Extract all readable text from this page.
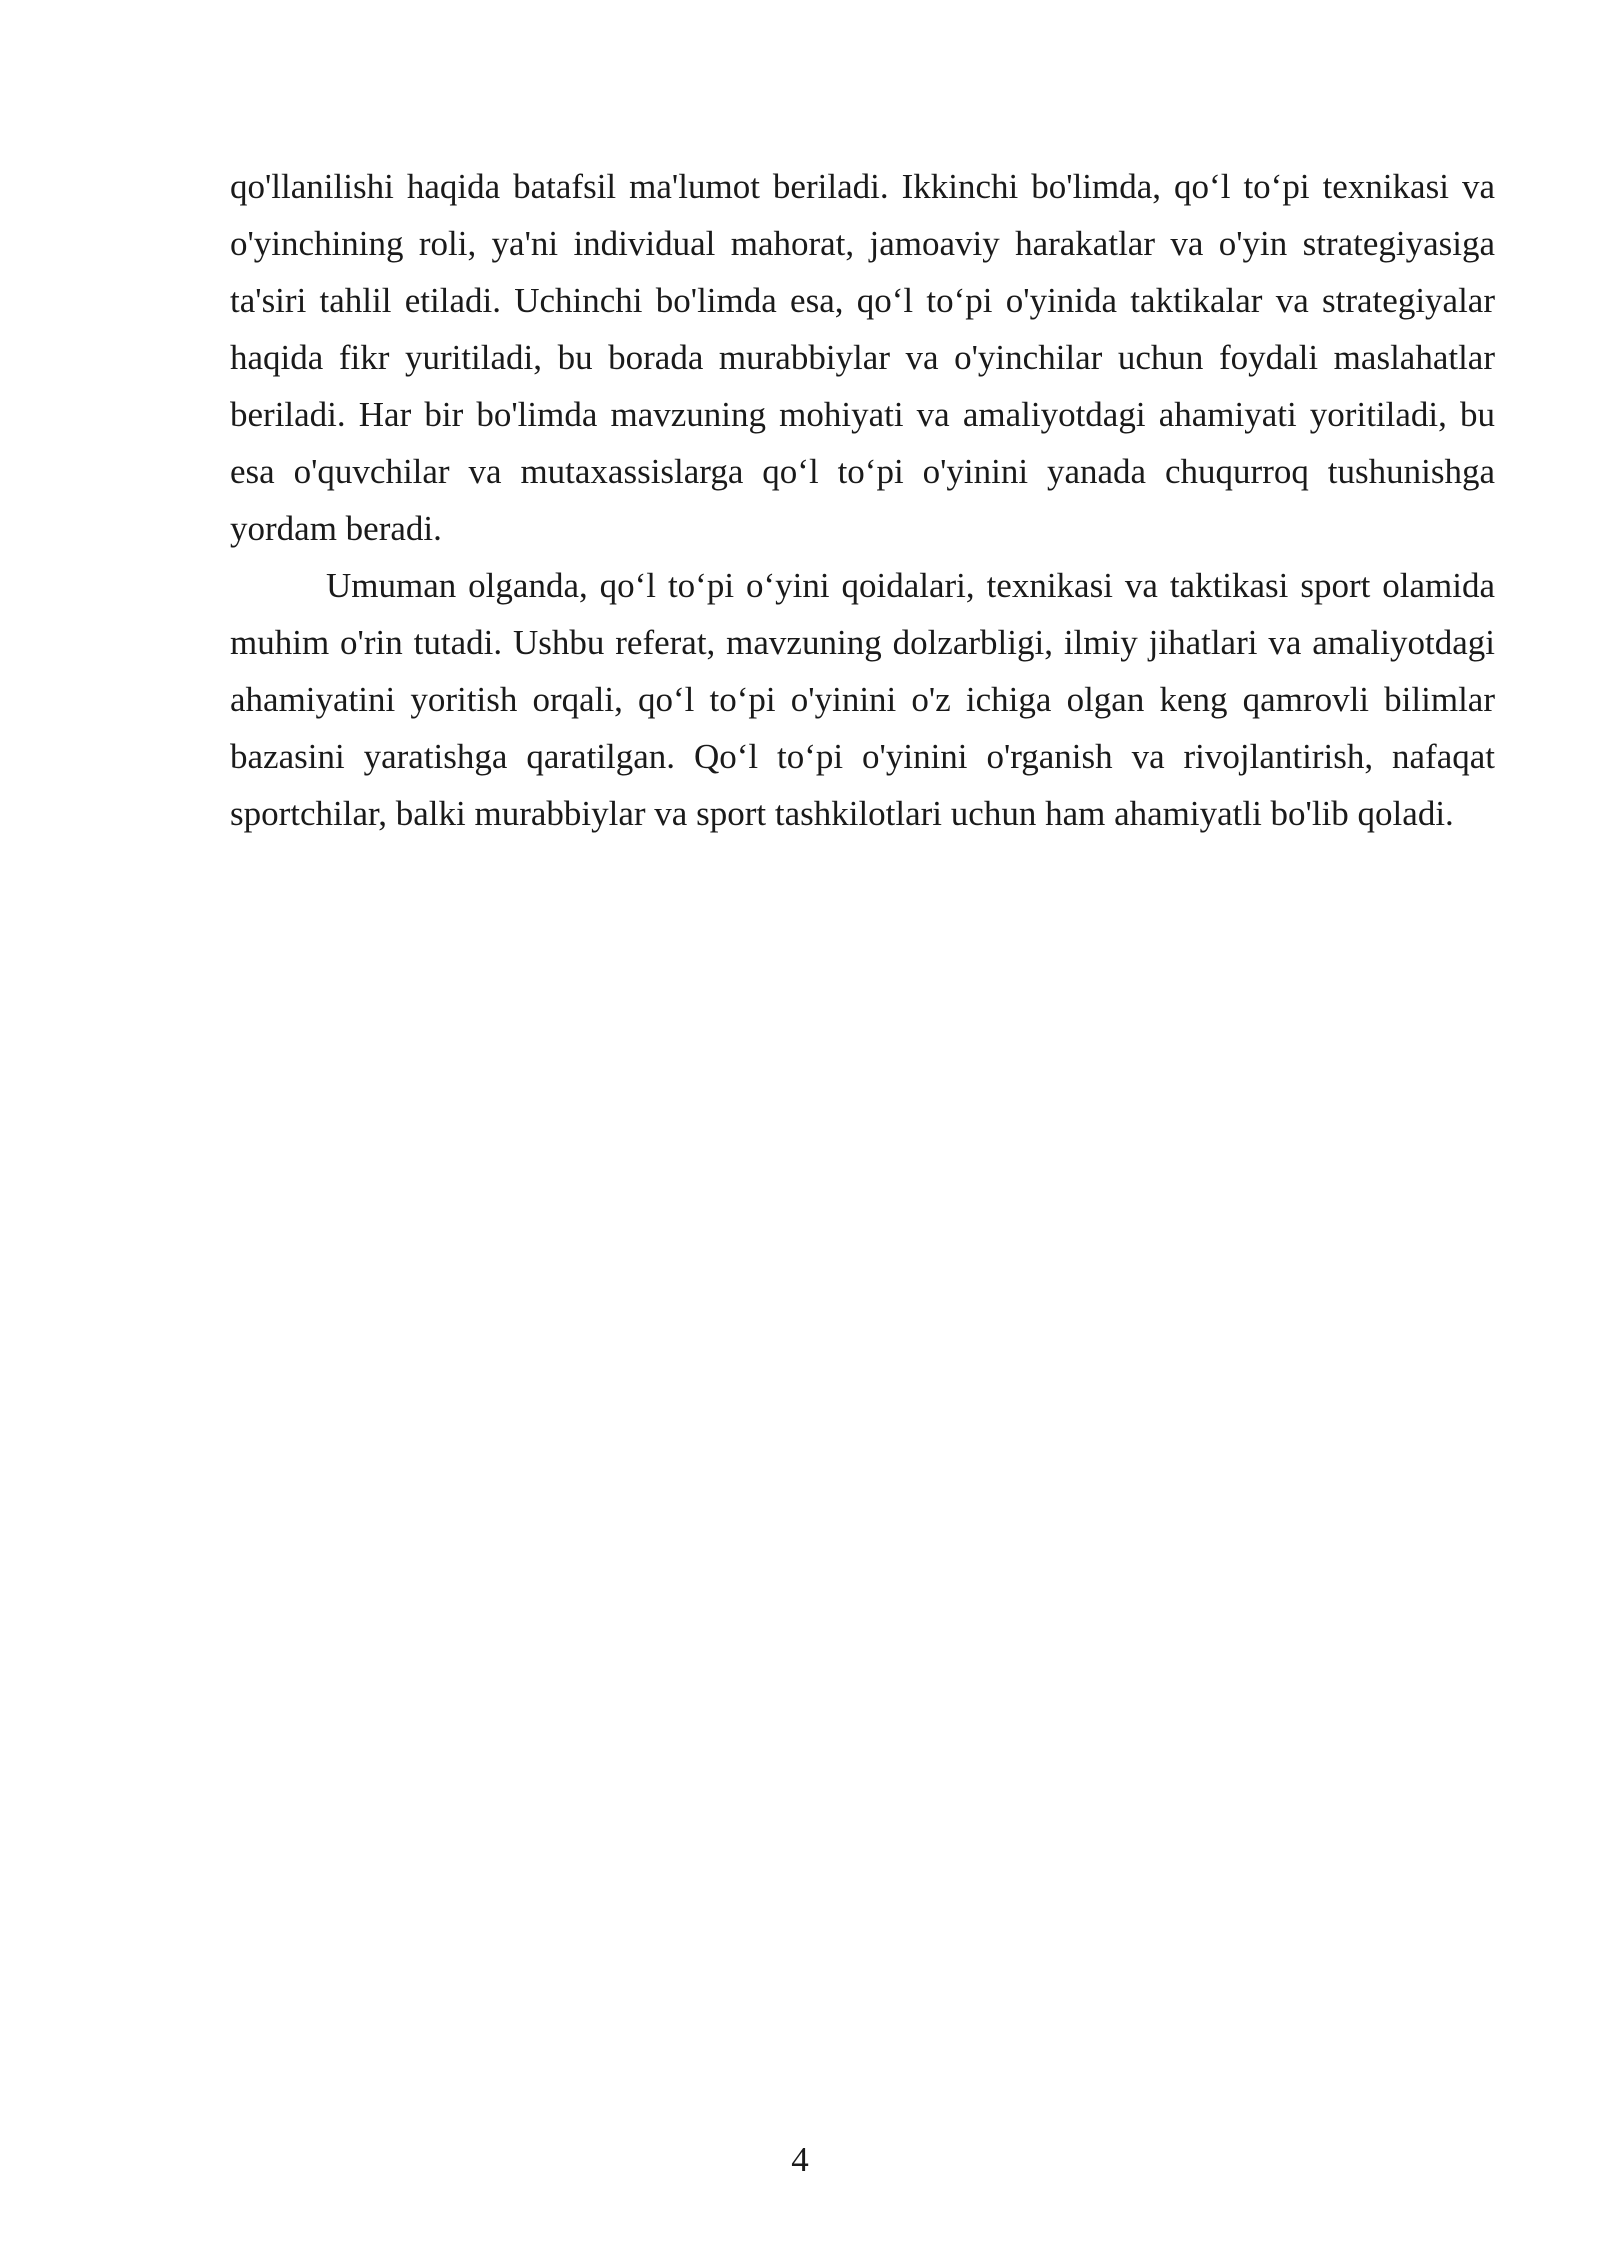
qo'llanilishi haqida batafsil ma'lumot beriladi. Ikkinchi bo'limda, qo‘l to‘pi texnikasi va o'yinchining roli, ya'ni individual mahorat, jamoaviy harakatlar va o'yin strategiyasiga ta'siri tahlil etiladi. Uchinchi bo'limda esa, qo‘l to‘pi o'yinida taktikalar va strategiyalar haqida fikr yuritiladi, bu borada murabbiylar va o'yinchilar uchun foydali maslahatlar beriladi. Har bir bo'limda mavzuning mohiyati va amaliyotdagi ahamiyati yoritiladi, bu esa o'quvchilar va mutaxassislarga qo‘l to‘pi o'yinini yanada chuqurroq tushunishga yordam beradi.

Umuman olganda, qo‘l to‘pi o‘yini qoidalari, texnikasi va taktikasi sport olamida muhim o'rin tutadi. Ushbu referat, mavzuning dolzarbligi, ilmiy jihatlari va amaliyotdagi ahamiyatini yoritish orqali, qo‘l to‘pi o'yinini o'z ichiga olgan keng qamrovli bilimlar bazasini yaratishga qaratilgan. Qo‘l to‘pi o'yinini o'rganish va rivojlantirish, nafaqat sportchilar, balki murabbiylar va sport tashkilotlari uchun ham ahamiyatli bo'lib qoladi.

4
